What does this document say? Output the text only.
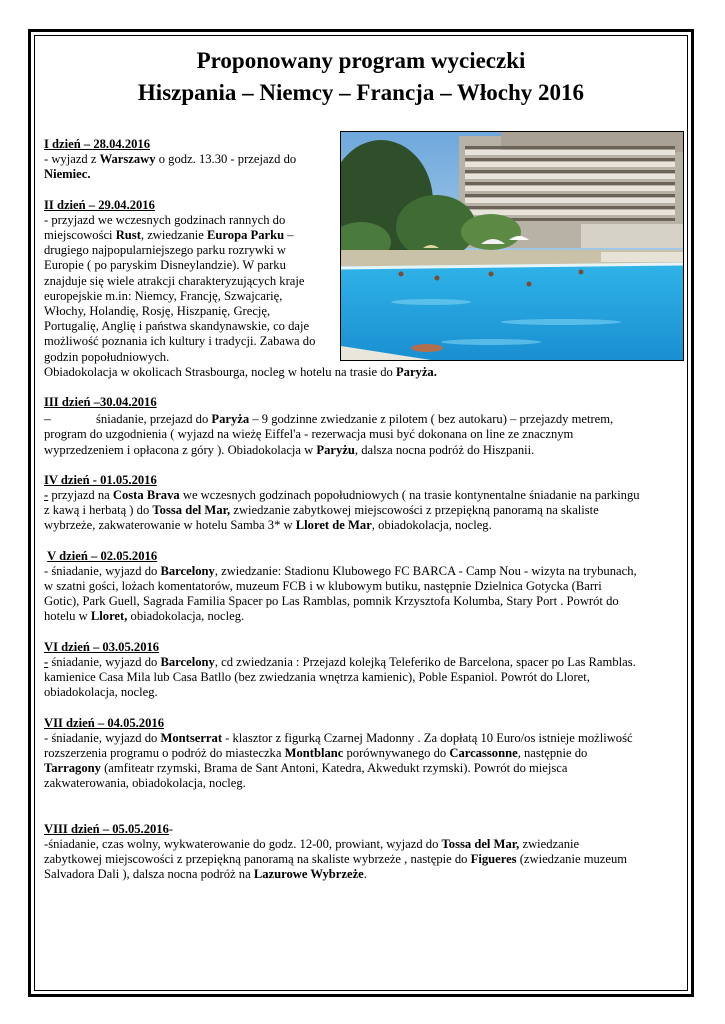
Proponowany program wycieczki
Hiszpania – Niemcy – Francja – Włochy 2016

I dzień – 28.04.2016

- wyjazd z Warszawy o godz. 13.30 - przejazd do
Niemiec.

II dzień – 29.04.2016

- przyjazd we wczesnych godzinach rannych do
miejscowości Rust, zwiedzanie Europa Parku –
drugiego najpopularniejszego parku rozrywki w
Europie ( po paryskim Disneylandzie). W parku
znajduje się wiele atrakcji charakteryzujących kraje
europejskie m.in: Niemcy, Francję, Szwajcarię,
Włochy, Holandię, Rosję, Hiszpanię, Grecję,
Portugalię, Anglię i państwa skandynawskie, co daje
możliwość poznania ich kultury i tradycji. Zabawa do
godzin popołudniowych.
Obiadokolacja w okolicach Strasbourga, nocleg w hotelu na trasie do Paryża.

III dzień –30.04.2016

–	śniadanie, przejazd do Paryża – 9 godzinne zwiedzanie z pilotem ( bez autokaru) – przejazdy metrem,
program do uzgodnienia ( wyjazd na wieżę Eiffel'a - rezerwacja musi być dokonana on line ze znacznym
wyprzedzeniem i opłacona z góry ). Obiadokolacja w Paryżu, dalsza nocna podróż do Hiszpanii.

IV dzień - 01.05.2016

- przyjazd na Costa Brava we wczesnych godzinach popołudniowych ( na trasie kontynentalne śniadanie na parkingu
z kawą i herbatą ) do Tossa del Mar, zwiedzanie zabytkowej miejscowości z przepiękną panoramą na skaliste
wybrzeże, zakwaterowanie w hotelu Samba 3* w Lloret de Mar, obiadokolacja, nocleg.

V dzień – 02.05.2016

- śniadanie, wyjazd do Barcelony, zwiedzanie: Stadionu Klubowego FC BARCA - Camp Nou - wizyta na trybunach,
w szatni gości, lożach komentatorów, muzeum FCB i w klubowym butiku, następnie Dzielnica Gotycka (Barri
Gotic), Park Guell, Sagrada Familia Spacer po Las Ramblas, pomnik Krzysztofa Kolumba, Stary Port . Powrót do
hotelu w Lloret, obiadokolacja, nocleg.

VI dzień – 03.05.2016

- śniadanie, wyjazd do Barcelony, cd zwiedzania : Przejazd kolejką Teleferiko de Barcelona, spacer po Las Ramblas.
kamienice Casa Mila lub Casa Batllo (bez zwiedzania wnętrza kamienic), Poble Espaniol. Powrót do Lloret,
obiadokolacja, nocleg.

VII dzień – 04.05.2016

- śniadanie, wyjazd do Montserrat - klasztor z figurką Czarnej Madonny . Za dopłatą 10 Euro/os istnieje możliwość
rozszerzenia programu o podróż do miasteczka Montblanc porównywanego do Carcassonne, następnie do
Tarragony (amfiteatr rzymski, Brama de Sant Antoni, Katedra, Akwedukt rzymski). Powrót do miejsca
zakwaterowania, obiadokolacja, nocleg.

VIII dzień – 05.05.2016-

-śniadanie, czas wolny, wykwaterowanie do godz. 12-00, prowiant, wyjazd do Tossa del Mar, zwiedzanie
zabytkowej miejscowości z przepiękną panoramą na skaliste wybrzeże , następie do Figueres (zwiedzanie muzeum
Salvadora Dali ), dalsza nocna podróż na Lazurowe Wybrzeże.
